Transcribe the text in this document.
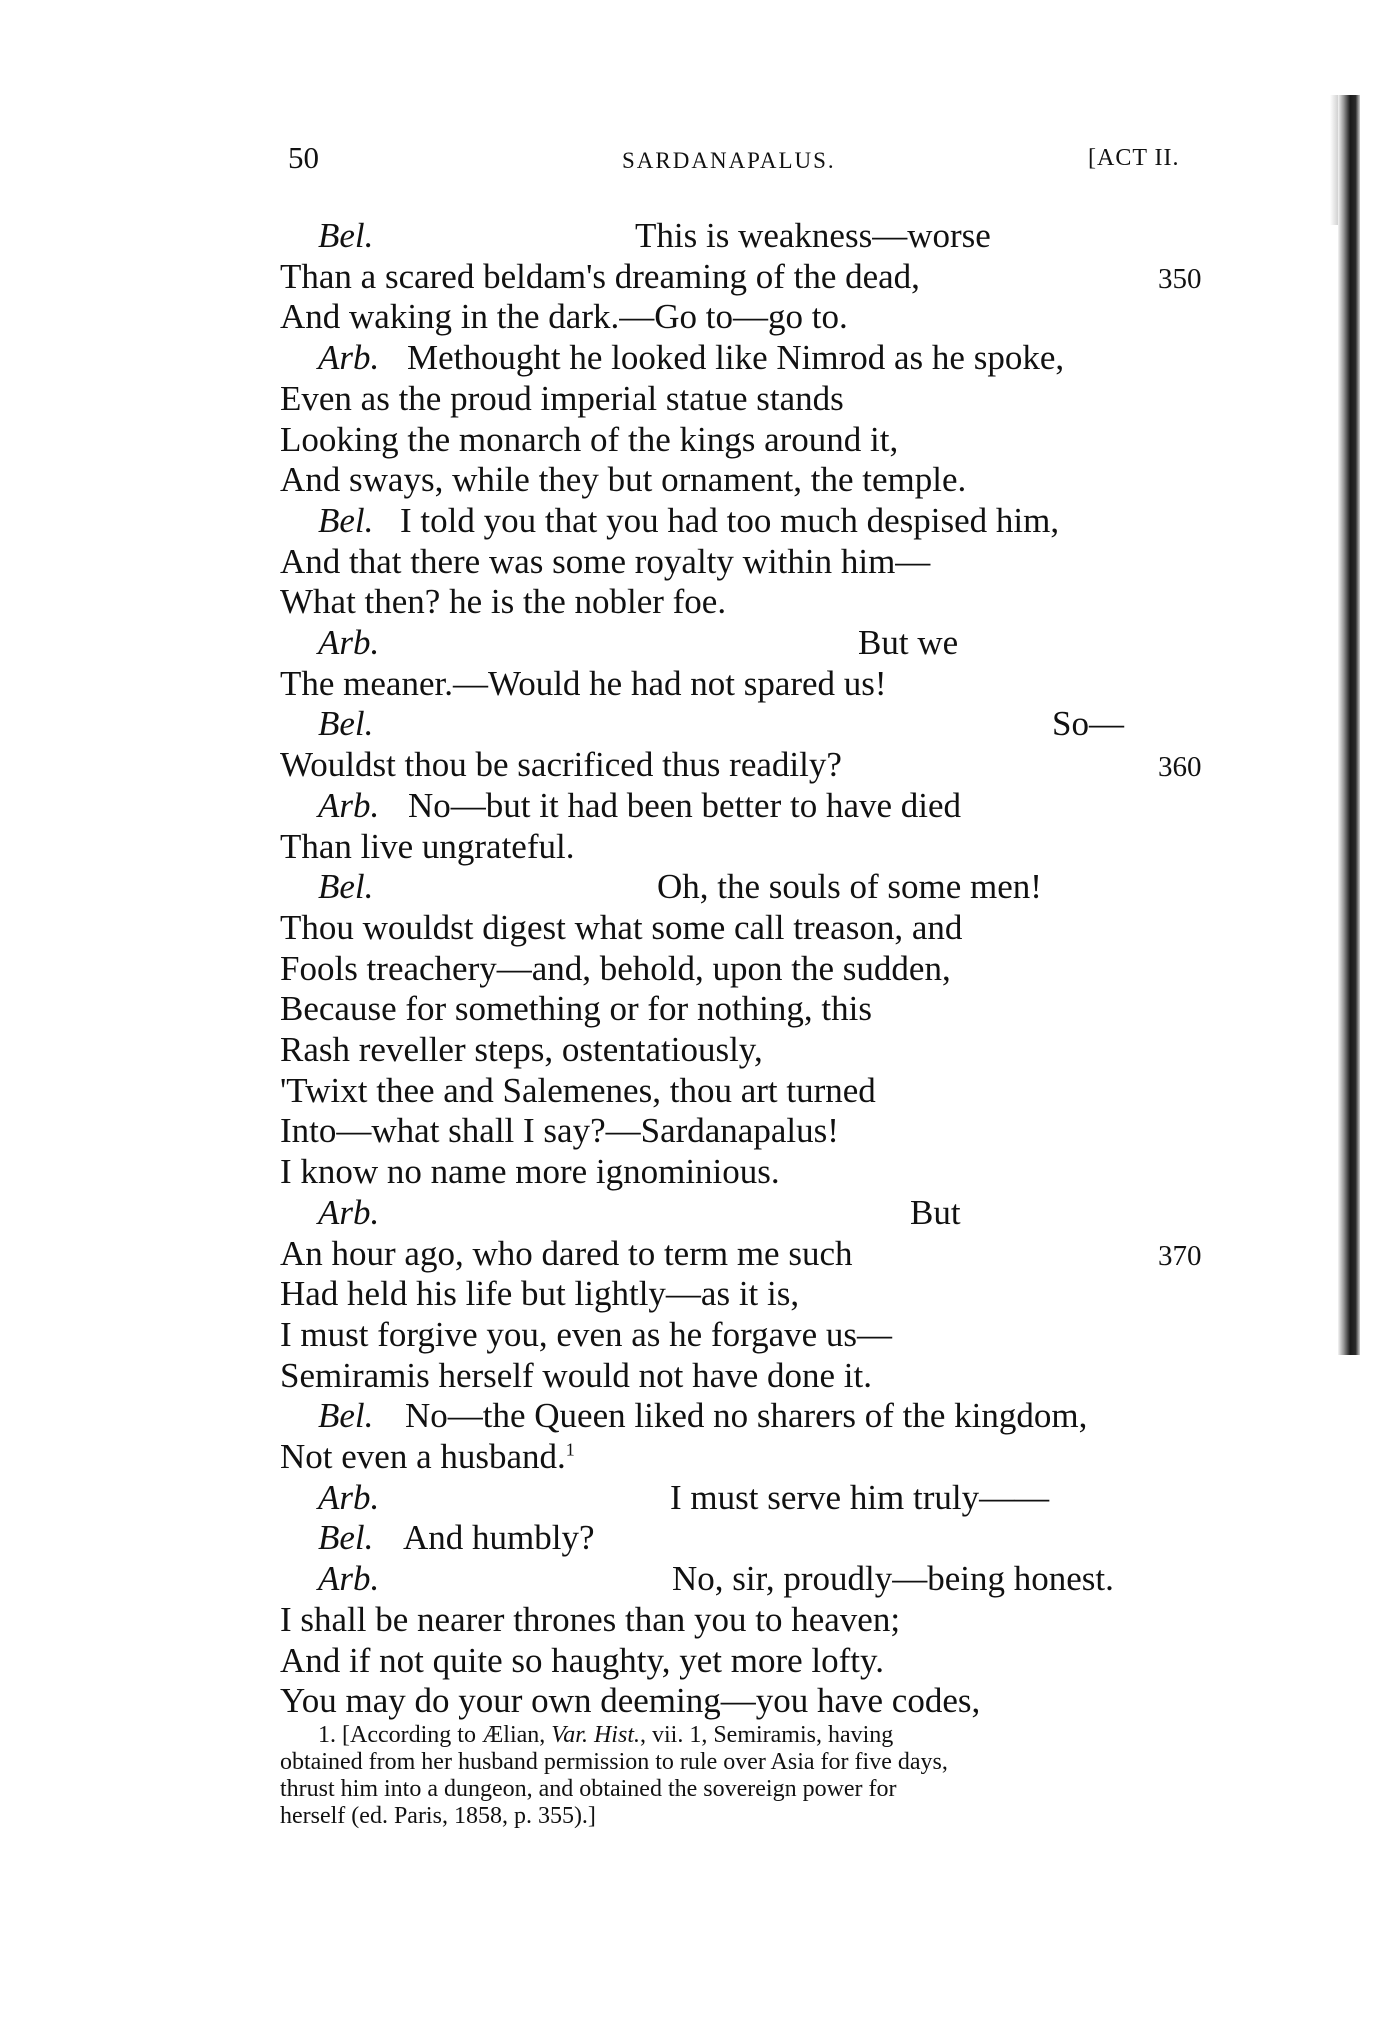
50	SARDANAPALUS.	[ACT II.
Bel.	This is weakness—worse
Than a scared beldam's dreaming of the dead,	350
And waking in the dark.—Go to—go to.
Arb. Methought he looked like Nimrod as he spoke,
Even as the proud imperial statue stands
Looking the monarch of the kings around it,
And sways, while they but ornament, the temple.
Bel. I told you that you had too much despised him,
And that there was some royalty within him—
What then? he is the nobler foe.
Arb.	But we
The meaner.—Would he had not spared us!
Bel.	So—
Wouldst thou be sacrificed thus readily?	360
Arb. No—but it had been better to have died
Than live ungrateful.
Bel.	Oh, the souls of some men!
Thou wouldst digest what some call treason, and
Fools treachery—and, behold, upon the sudden,
Because for something or for nothing, this
Rash reveller steps, ostentatiously,
'Twixt thee and Salemenes, thou art turned
Into—what shall I say?—Sardanapalus!
I know no name more ignominious.
Arb.	But
An hour ago, who dared to term me such	370
Had held his life but lightly—as it is,
I must forgive you, even as he forgave us—
Semiramis herself would not have done it.
Bel. No—the Queen liked no sharers of the kingdom,
Not even a husband.$^1$
Arb.	I must serve him truly——
Bel. And humbly?
Arb.	No, sir, proudly—being honest.
I shall be nearer thrones than you to heaven;
And if not quite so haughty, yet more lofty.
You may do your own deeming—you have codes,
1. [According to Ælian, Var. Hist., vii. 1, Semiramis, having
obtained from her husband permission to rule over Asia for five days,
thrust him into a dungeon, and obtained the sovereign power for
herself (ed. Paris, 1858, p. 355).]
